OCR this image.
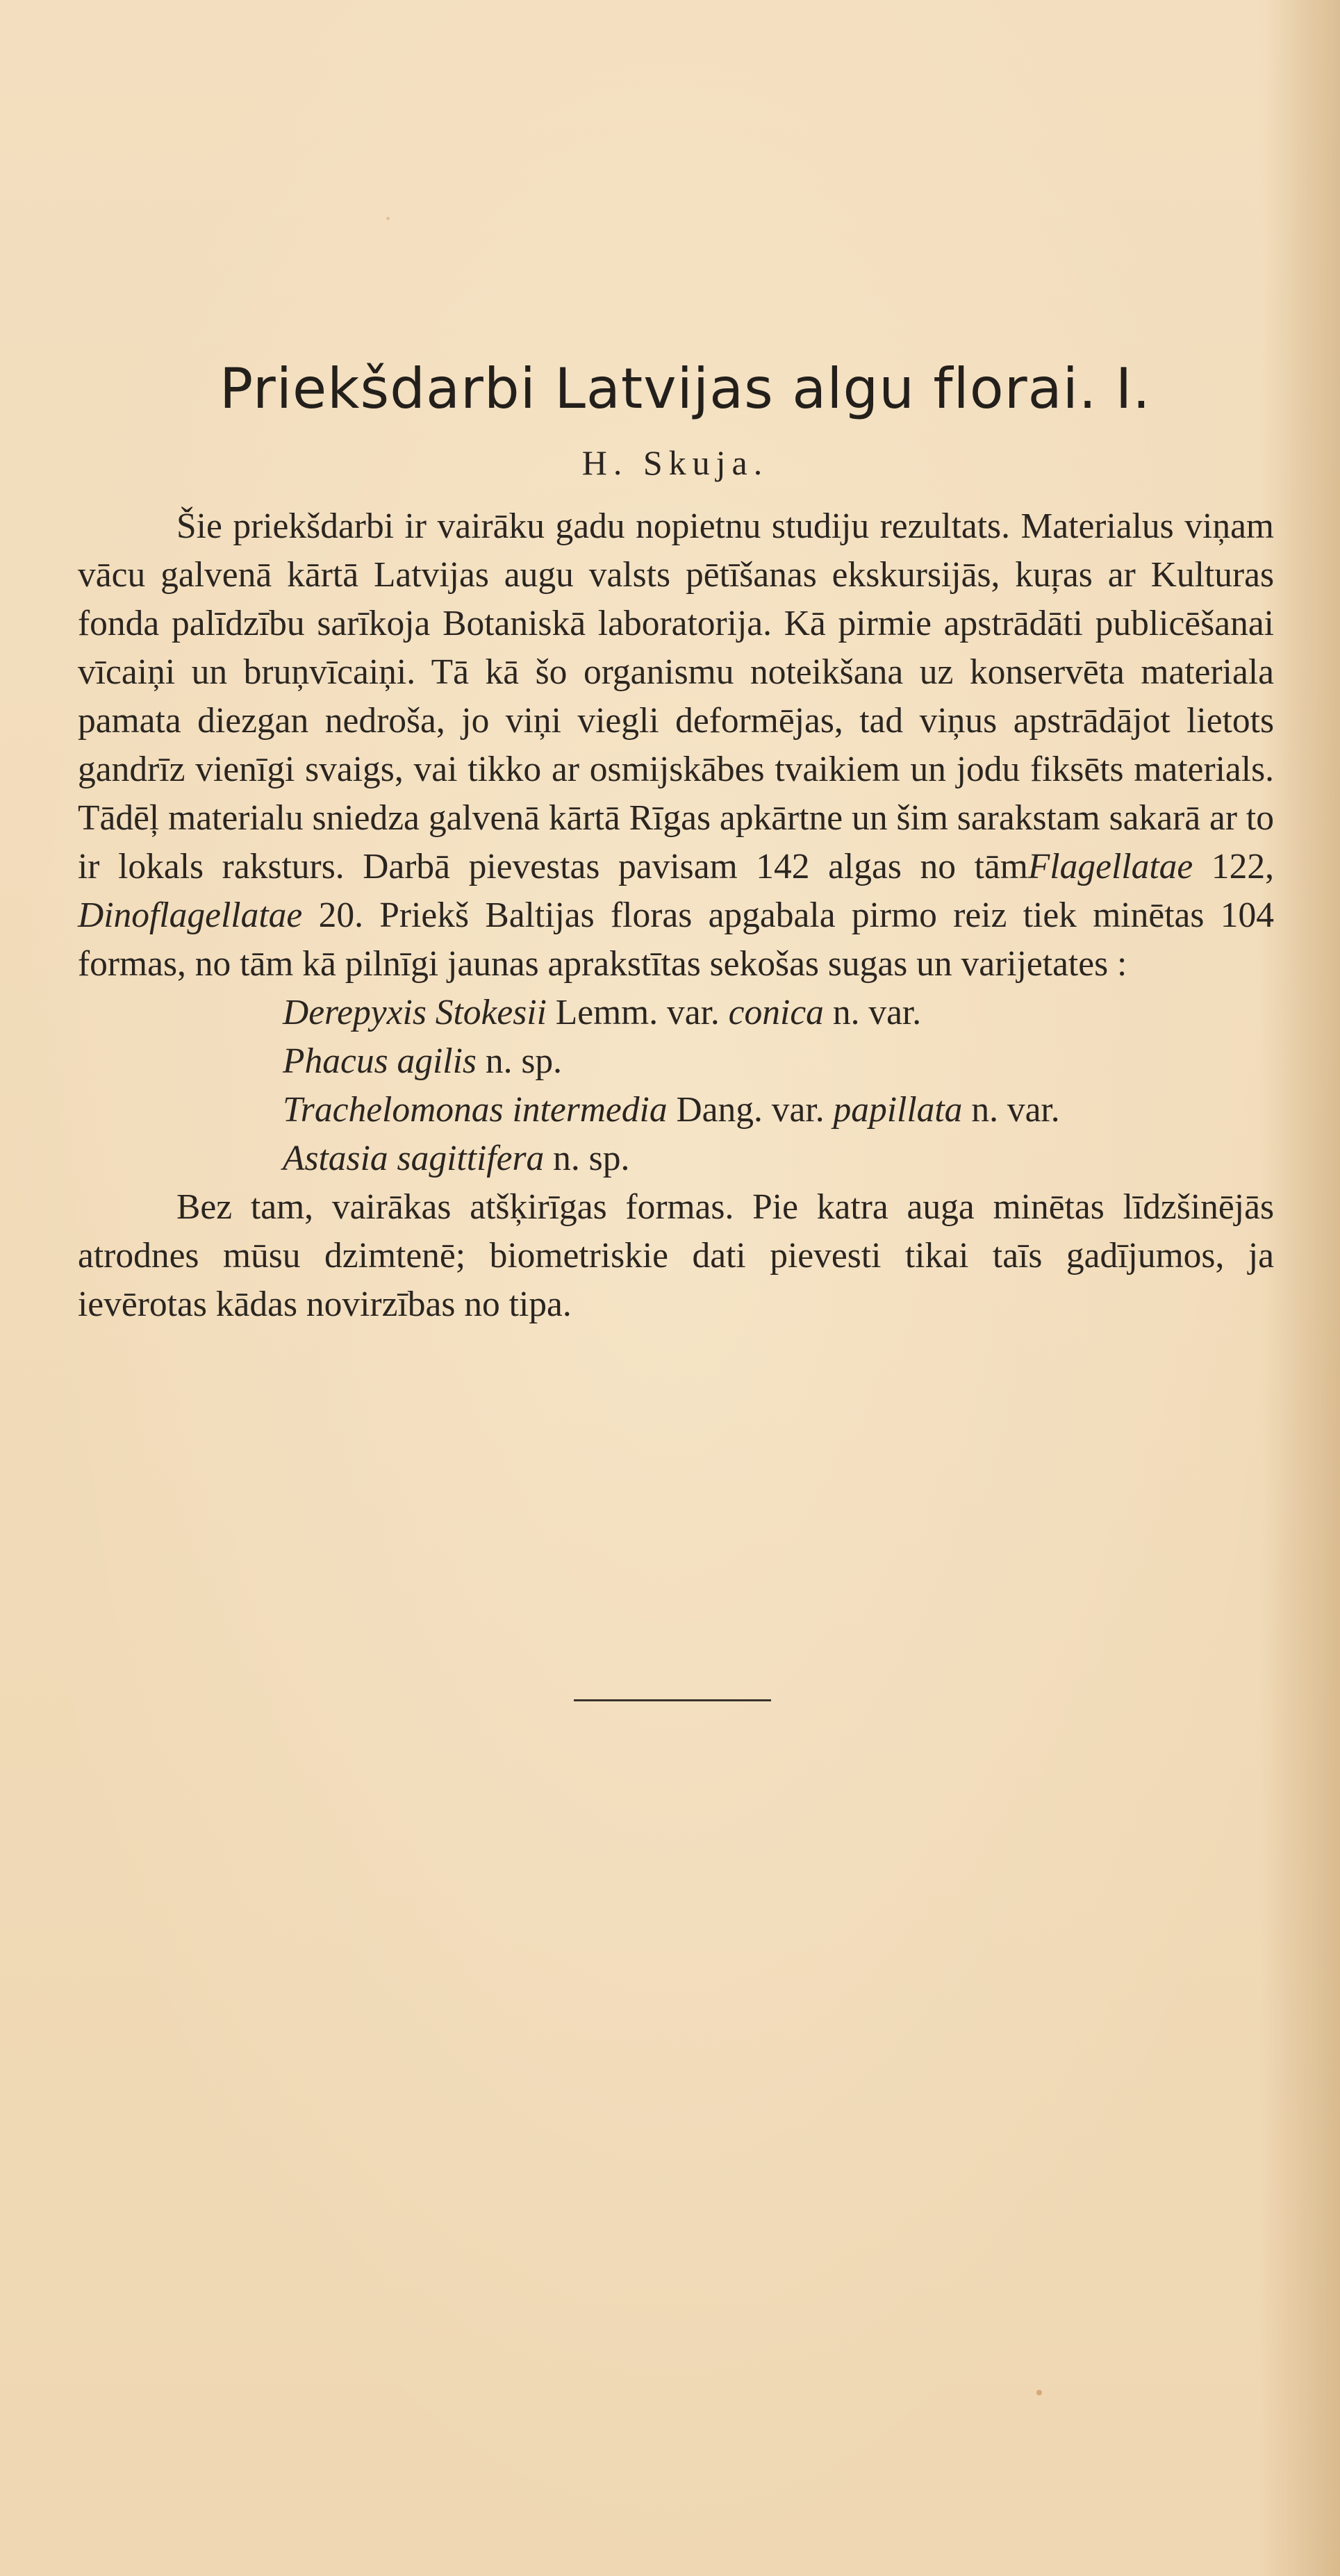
Priekšdarbi Latvijas algu florai. I.
H. Skuja.

Šie priekšdarbi ir vairāku gadu nopietnu studiju rezultats. Materialus viņam vācu galvenā kārtā Latvijas augu valsts pētīšanas ekskursijās, kuŗas ar Kulturas fonda palīdzību sarīkoja Botaniskā laboratorija. Kā pirmie apstrādāti publicēšanai vīcaiņi un bruņvīcaiņi. Tā kā šo organismu noteikšana uz konservēta materiala pamata diezgan nedroša, jo viņi viegli deformējas, tad viņus apstrādājot lietots gandrīz vienīgi svaigs, vai tikko ar osmijskābes tvaikiem un jodu fiksēts materials. Tādēļ materialu sniedza galvenā kārtā Rīgas apkārtne un šim sarakstam sakarā ar to ir lokals raksturs. Darbā pievestas pavisam 142 algas no tāmFlagellatae 122, Dinoflagellatae 20. Priekš Baltijas floras apgabala pirmo reiz tiek minētas 104 formas, no tām kā pilnīgi jaunas aprakstītas sekošas sugas un varijetates :

Derepyxis Stokesii Lemm. var. conica n. var.
Phacus agilis n. sp.
Trachelomonas intermedia Dang. var. papillata n. var.
Astasia sagittifera n. sp.

Bez tam, vairākas atšķirīgas formas. Pie katra auga minētas līdzšinējās atrodnes mūsu dzimtenē; biometriskie dati pievesti tikai taīs gadījumos, ja ievērotas kādas novirzības no tipa.
